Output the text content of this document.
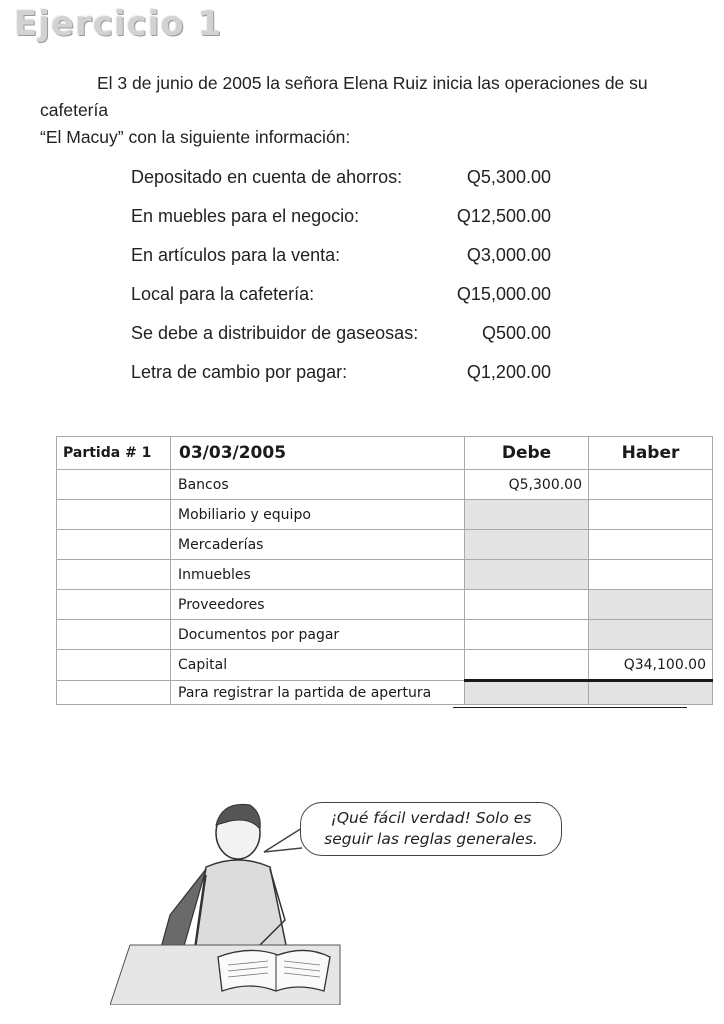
Ejercicio 1

El 3 de junio de 2005 la señora Elena Ruiz inicia las operaciones de su cafetería
“El Macuy” con la siguiente información:

Depositado en cuenta de ahorros:	Q5,300.00
En muebles para el negocio:	Q12,500.00
En artículos para la venta:	Q3,000.00
Local para la cafetería:	Q15,000.00
Se debe a distribuidor de gaseosas:	Q500.00
Letra de cambio por pagar:	Q1,200.00
Partida # 1	03/03/2005	Debe	Haber
	Bancos	Q5,300.00	
	Mobiliario y equipo		
	Mercaderías		
	Inmuebles		
	Proveedores		
	Documentos por pagar		
	Capital		Q34,100.00
	Para registrar la partida de apertura		
¡Qué fácil verdad! Solo es
seguir las reglas generales.
